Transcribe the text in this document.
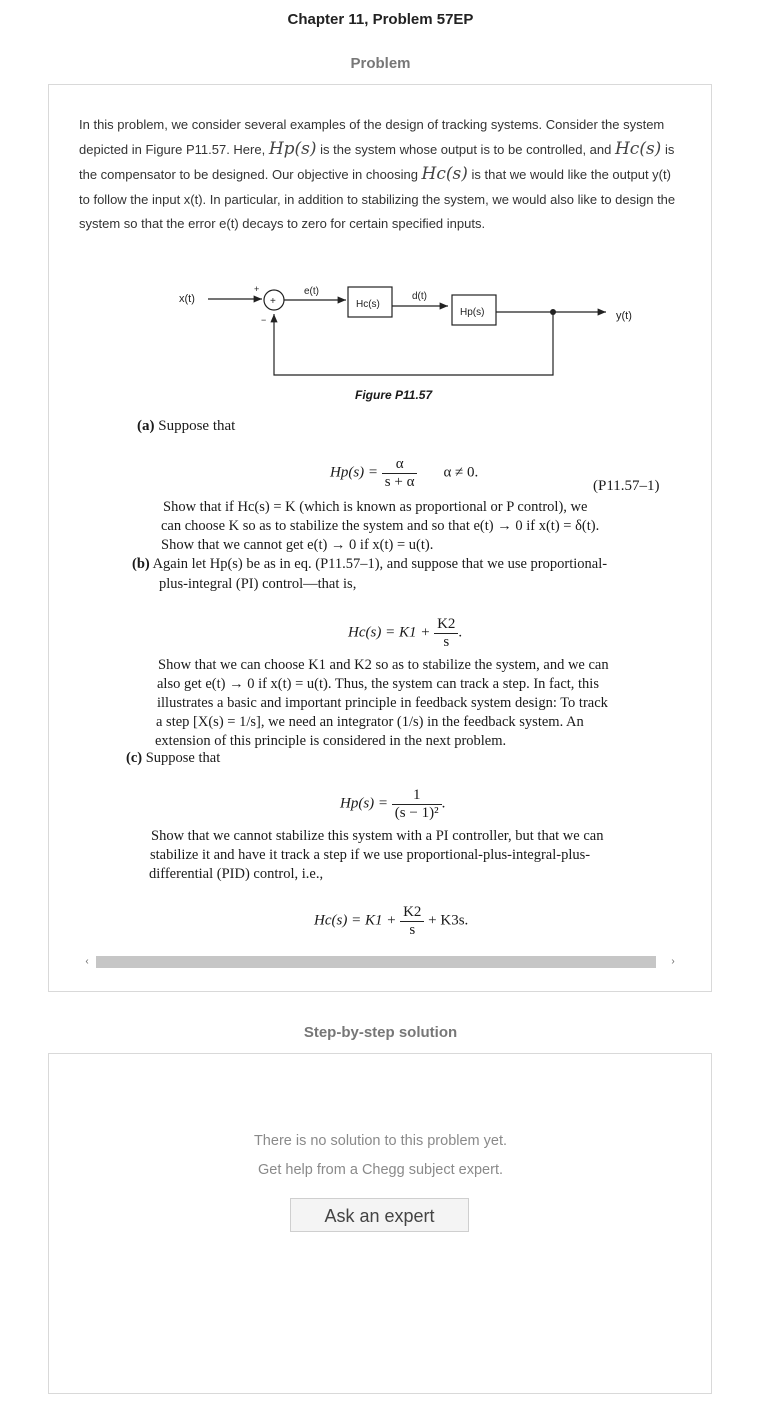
Chapter 11, Problem 57EP
Problem
In this problem, we consider several examples of the design of tracking systems. Consider the system depicted in Figure P11.57. Here, Hp(s) is the system whose output is to be controlled, and Hc(s) is the compensator to be designed. Our objective in choosing Hc(s) is that we would like the output y(t) to follow the input x(t). In particular, in addition to stabilizing the system, we would also like to design the system so that the error e(t) decays to zero for certain specified inputs.
x(t)
+
+
−
e(t)
Hc(s)
d(t)
Hp(s)	y(t)
Figure P11.57
(a) Suppose that
$Hp(s) = \frac{\alpha}{s + \alpha}$ α ≠ 0.
(P11.57–1)
Show that if Hc(s) = K (which is known as proportional or P control), we
can choose K so as to stabilize the system and so that e(t) → 0 if x(t) = δ(t).
Show that we cannot get e(t) → 0 if x(t) = u(t).
(b) Again let Hp(s) be as in eq. (P11.57–1), and suppose that we use proportional-
plus-integral (PI) control—that is,
$Hc(s) = K1 + \frac{K2}{s}$ .
Show that we can choose K1 and K2 so as to stabilize the system, and we can
also get e(t) → 0 if x(t) = u(t). Thus, the system can track a step. In fact, this
illustrates a basic and important principle in feedback system design: To track
a step [X(s) = 1/s], we need an integrator (1/s) in the feedback system. An
extension of this principle is considered in the next problem.
(c) Suppose that
$Hp(s) = \frac{1}{\text{(s − 1)²}}$ .
Show that we cannot stabilize this system with a PI controller, but that we can
stabilize it and have it track a step if we use proportional-plus-integral-plus-
differential (PID) control, i.e.,
$Hc(s) = K1 + \frac{K2}{s} + K3s$.
‹	›
Step-by-step solution
There is no solution to this problem yet.
Get help from a Chegg subject expert.
Ask an expert
